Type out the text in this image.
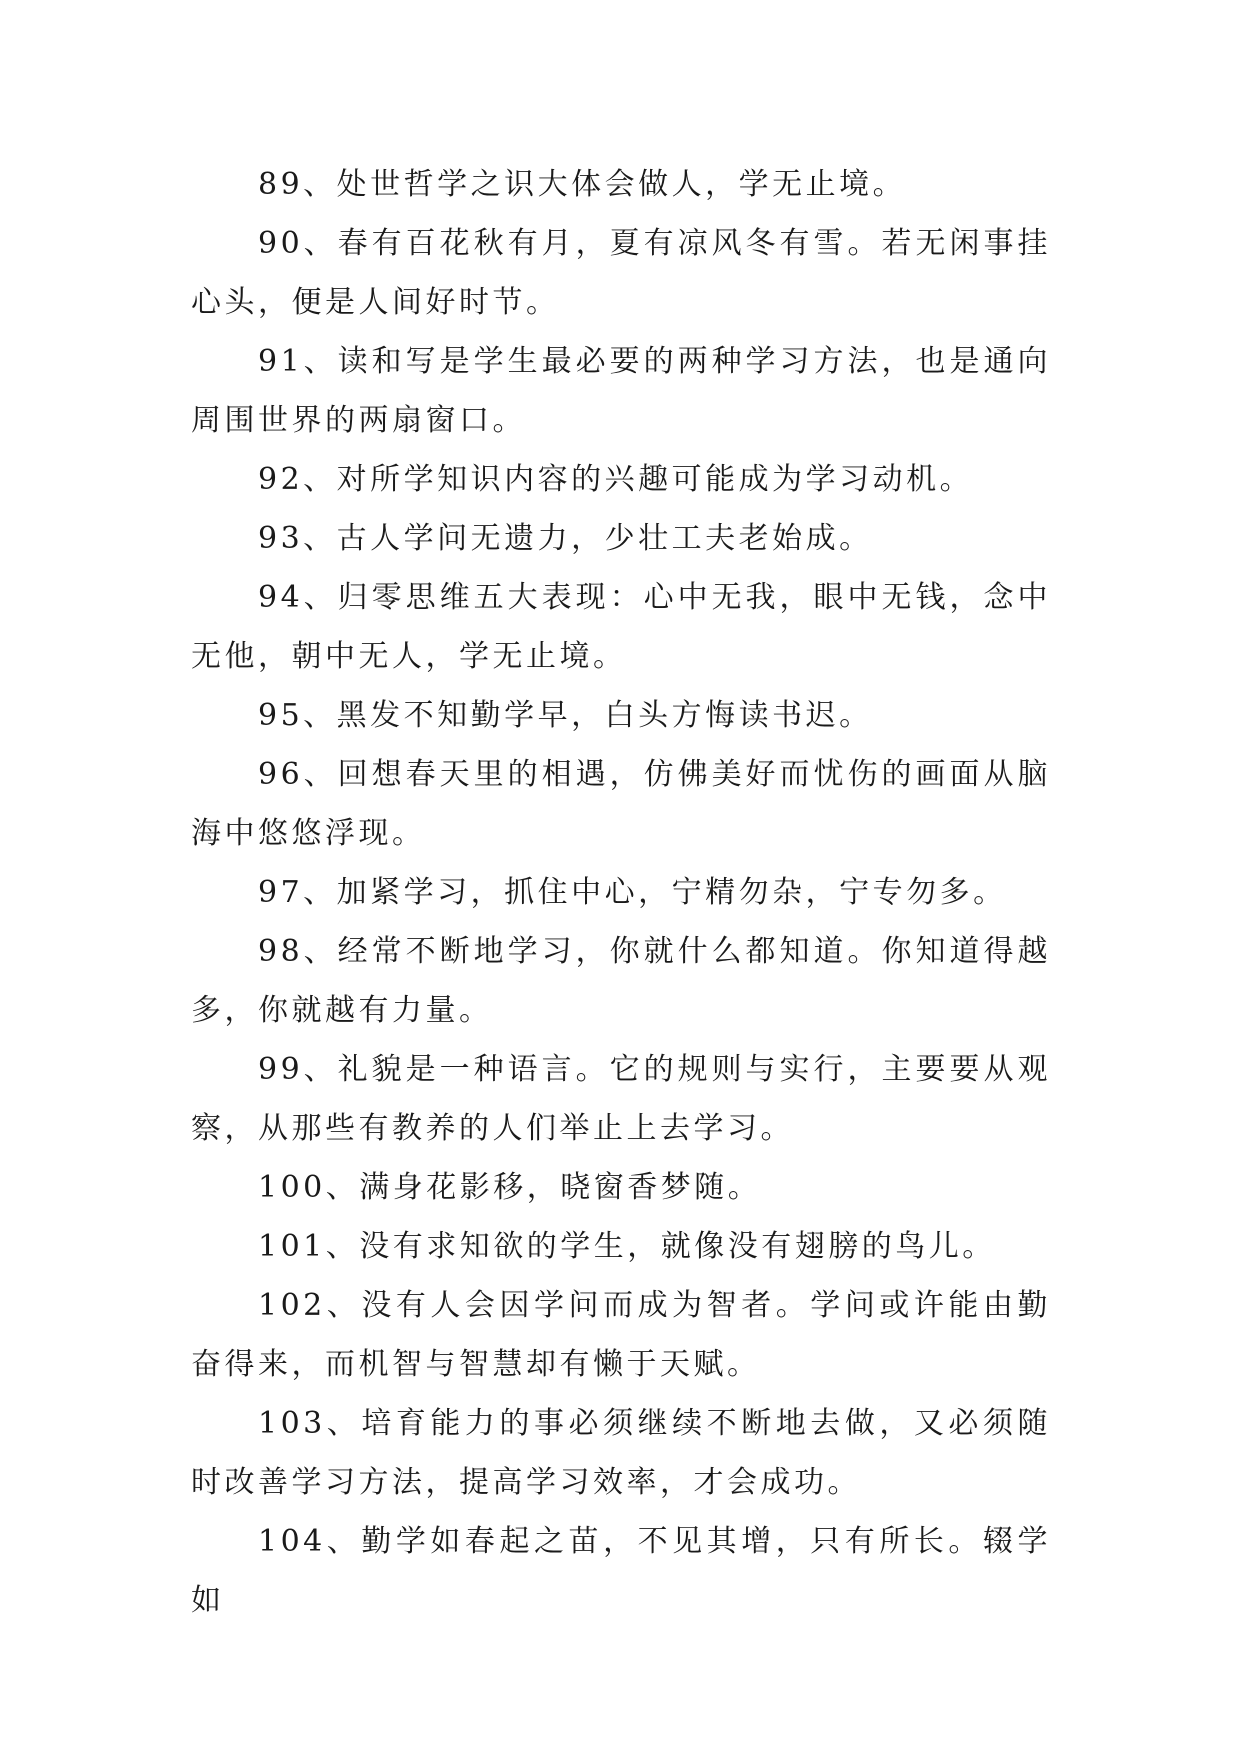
89、处世哲学之识大体会做人，学无止境。

90、春有百花秋有月，夏有凉风冬有雪。若无闲事挂心头，便是人间好时节。

91、读和写是学生最必要的两种学习方法，也是通向周围世界的两扇窗口。

92、对所学知识内容的兴趣可能成为学习动机。

93、古人学问无遗力，少壮工夫老始成。

94、归零思维五大表现：心中无我，眼中无钱，念中无他，朝中无人，学无止境。

95、黑发不知勤学早，白头方悔读书迟。

96、回想春天里的相遇，仿佛美好而忧伤的画面从脑海中悠悠浮现。

97、加紧学习，抓住中心，宁精勿杂，宁专勿多。

98、经常不断地学习，你就什么都知道。你知道得越多，你就越有力量。

99、礼貌是一种语言。它的规则与实行，主要要从观察，从那些有教养的人们举止上去学习。

100、满身花影移，晓窗香梦随。

101、没有求知欲的学生，就像没有翅膀的鸟儿。

102、没有人会因学问而成为智者。学问或许能由勤奋得来，而机智与智慧却有懒于天赋。

103、培育能力的事必须继续不断地去做，又必须随时改善学习方法，提高学习效率，才会成功。

104、勤学如春起之苗，不见其增，只有所长。辍学如
